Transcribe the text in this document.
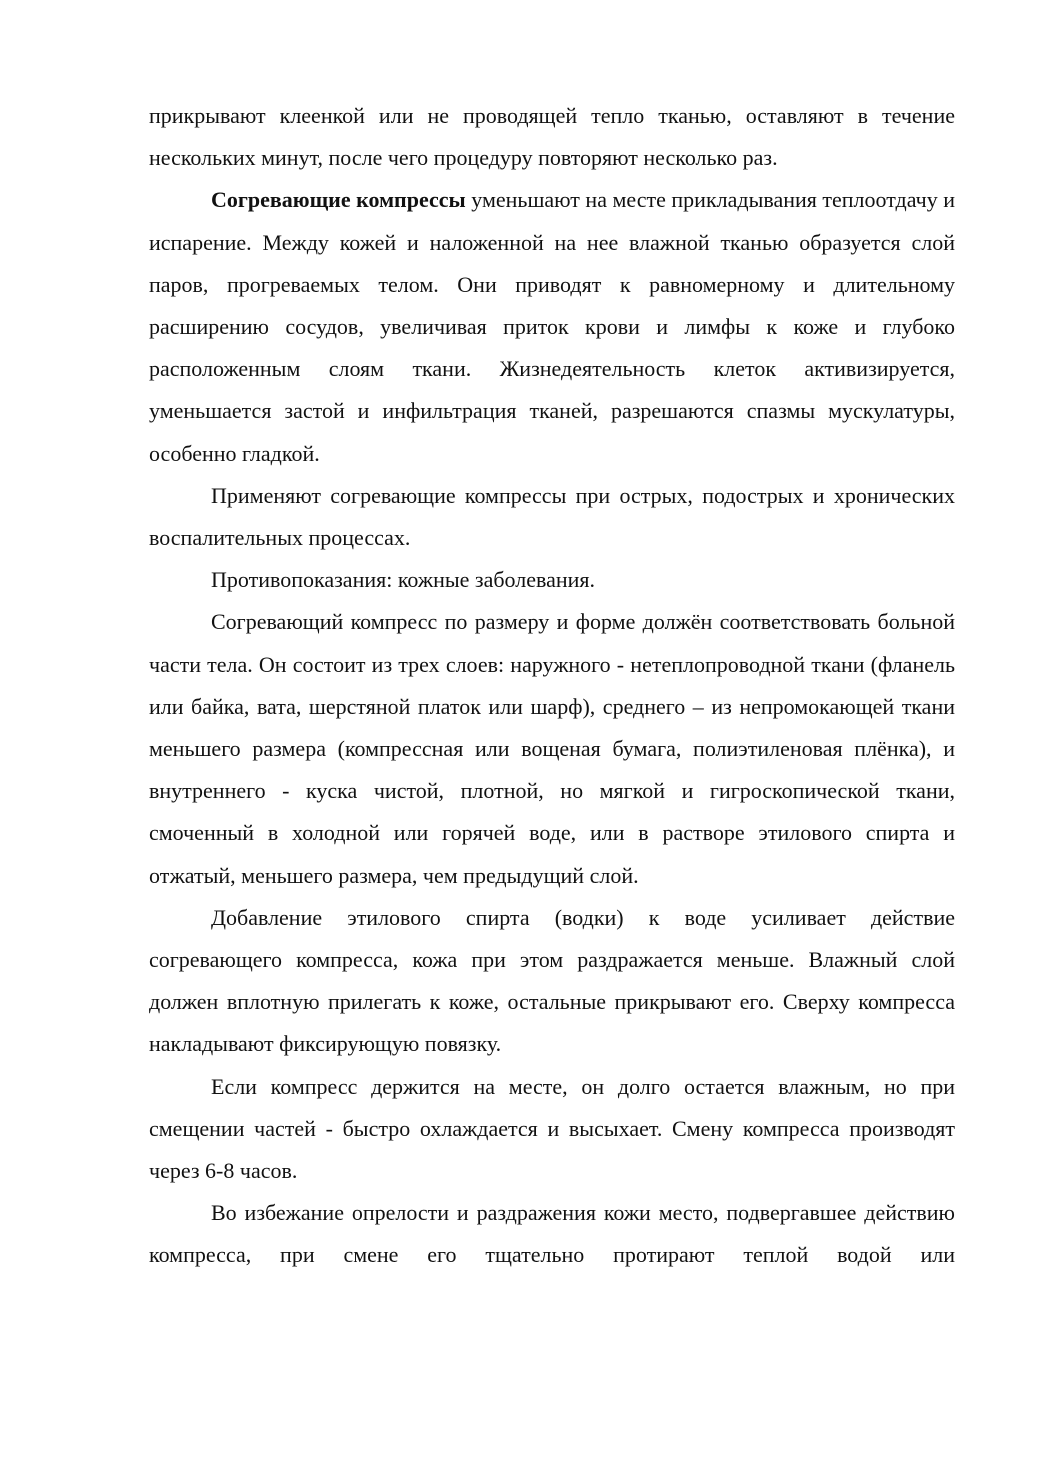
прикрывают клеенкой или не проводящей тепло тканью, оставляют в течение нескольких минут, после чего процедуру повторяют несколько раз.

Согревающие компрессы уменьшают на месте прикладывания теплоотдачу и испарение. Между кожей и наложенной на нее влажной тканью образуется слой паров, прогреваемых телом. Они приводят к равномерному и длительному расширению сосудов, увеличивая приток крови и лимфы к коже и глубоко расположенным слоям ткани. Жизнедеятельность клеток активизируется, уменьшается застой и инфильтрация тканей, разрешаются спазмы мускулатуры, особенно гладкой.

Применяют согревающие компрессы при острых, подострых и хронических воспалительных процессах.

Противопоказания: кожные заболевания.

Согревающий компресс по размеру и форме должён соответствовать больной части тела. Он состоит из трех слоев: наружного - нетеплопроводной ткани (фланель или байка, вата, шерстяной платок или шарф), среднего – из непромокающей ткани меньшего размера (компрессная или вощеная бумага, полиэтиленовая плёнка), и внутреннего - куска чистой, плотной, но мягкой и гигроскопической ткани, смоченный в холодной или горячей воде, или в растворе этилового спирта и отжатый, меньшего размера, чем предыдущий слой.

Добавление этилового спирта (водки) к воде усиливает действие согревающего компресса, кожа при этом раздражается меньше. Влажный слой должен вплотную прилегать к коже, остальные прикрывают его. Сверху компресса накладывают фиксирующую повязку.

Если компресс держится на месте, он долго остается влажным, но при смещении частей - быстро охлаждается и высыхает. Смену компресса производят через 6-8 часов.

Во избежание опрелости и раздражения кожи место, подвергавшее действию компресса, при смене его тщательно протирают теплой водой или
